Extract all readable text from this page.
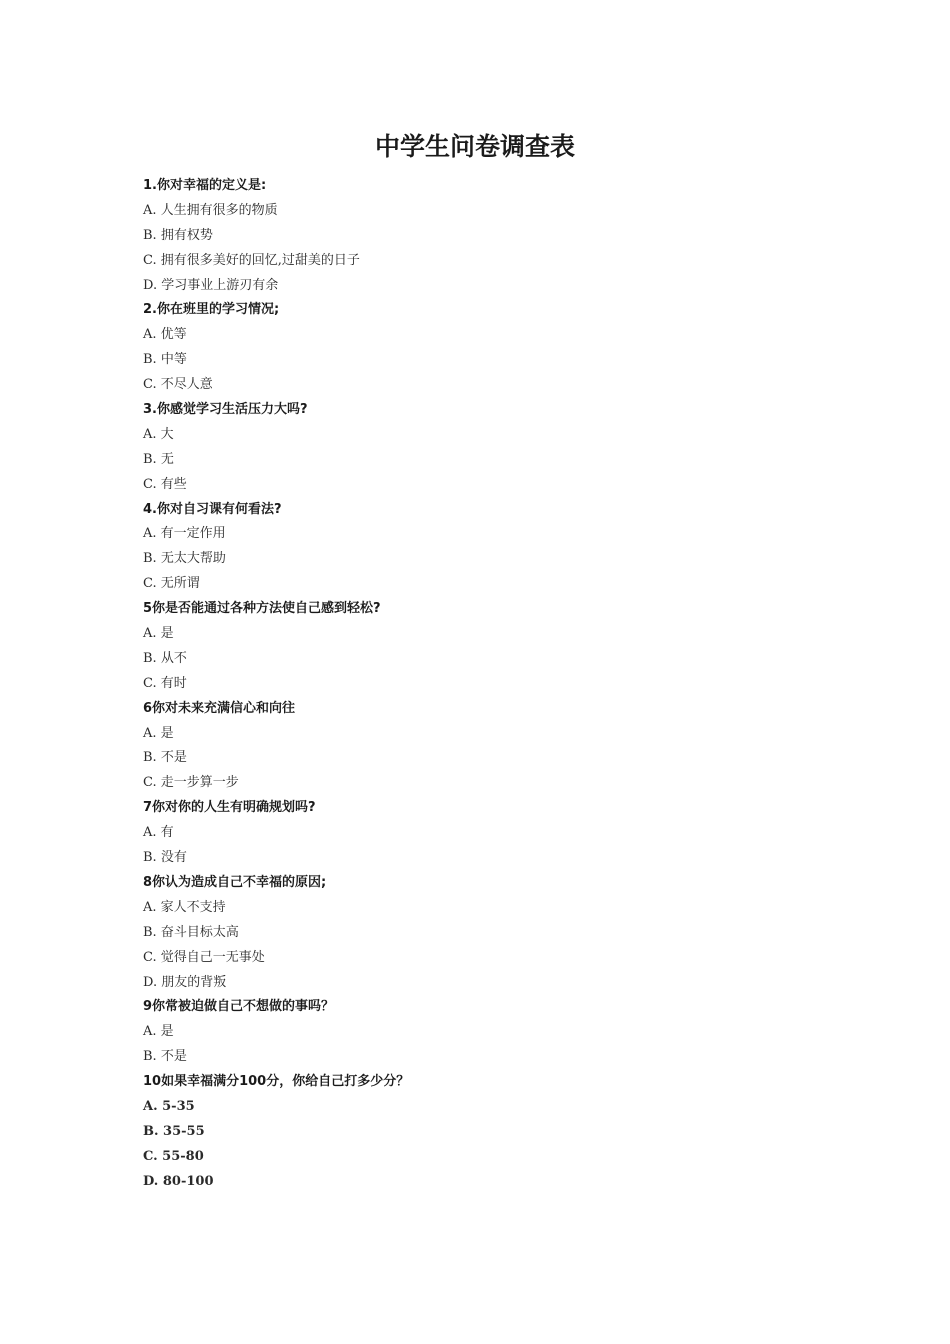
中学生问卷调查表
1.你对幸福的定义是:
A. 人生拥有很多的物质
B. 拥有权势
C. 拥有很多美好的回忆,过甜美的日子
D. 学习事业上游刃有余
2.你在班里的学习情况;
A. 优等
B. 中等
C. 不尽人意
3.你感觉学习生活压力大吗?
A. 大
B. 无
C. 有些
4.你对自习课有何看法?
A. 有一定作用
B. 无太大帮助
C. 无所谓
5你是否能通过各种方法使自己感到轻松?
A. 是
B. 从不
C. 有时
6你对未来充满信心和向往
A. 是
B. 不是
C. 走一步算一步
7你对你的人生有明确规划吗?
A. 有
B. 没有
8你认为造成自己不幸福的原因;
A. 家人不支持
B. 奋斗目标太高
C. 觉得自己一无事处
D. 朋友的背叛
9你常被迫做自己不想做的事吗？
A. 是
B. 不是
10如果幸福满分100分，你给自己打多少分？
A. 5-35
B. 35-55
C. 55-80
D. 80-100
